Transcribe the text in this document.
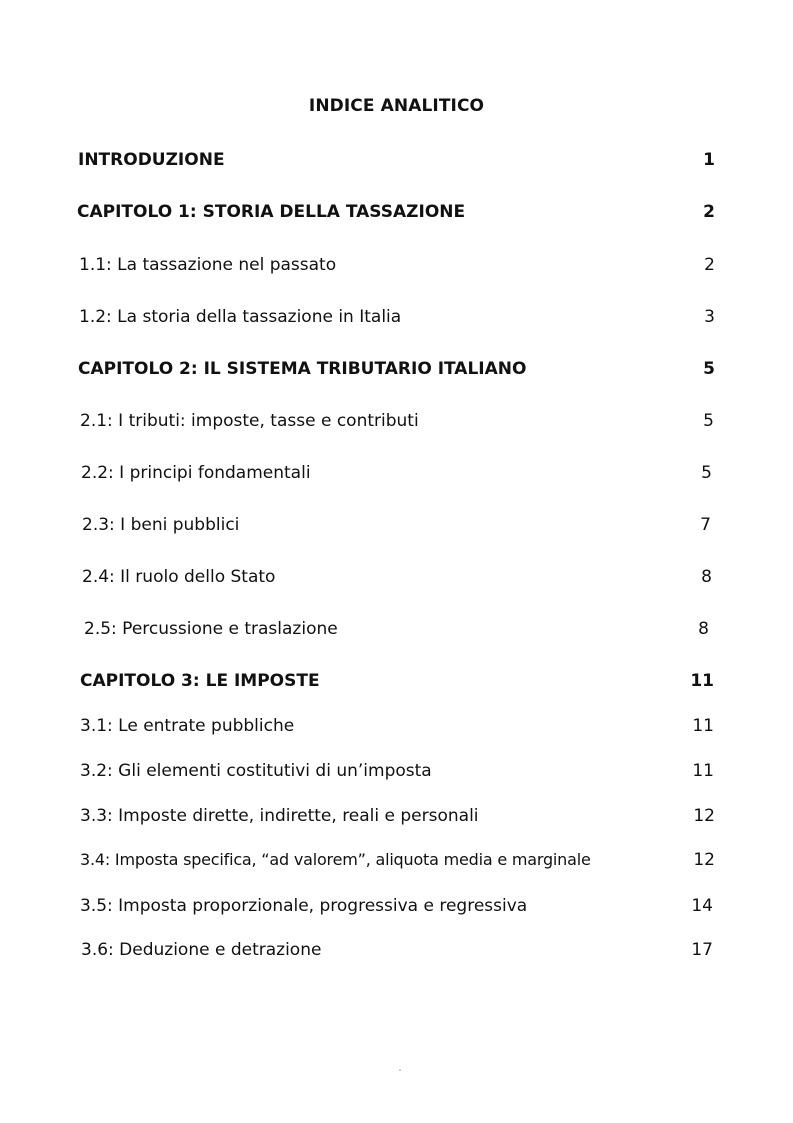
INDICE ANALITICO
INTRODUZIONE	1
CAPITOLO 1: STORIA DELLA TASSAZIONE	2
1.1: La tassazione nel passato	2
1.2: La storia della tassazione in Italia	3
CAPITOLO 2: IL SISTEMA TRIBUTARIO ITALIANO	5
2.1: I tributi: imposte, tasse e contributi	5
2.2: I principi fondamentali	5
2.3: I beni pubblici	7
2.4: Il ruolo dello Stato	8
2.5: Percussione e traslazione	8
CAPITOLO 3: LE IMPOSTE	11
3.1: Le entrate pubbliche	11
3.2: Gli elementi costitutivi di un’imposta	11
3.3: Imposte dirette, indirette, reali e personali	12
3.4: Imposta specifica, “ad valorem”, aliquota media e marginale	12
3.5: Imposta proporzionale, progressiva e regressiva	14
3.6: Deduzione e detrazione	17
